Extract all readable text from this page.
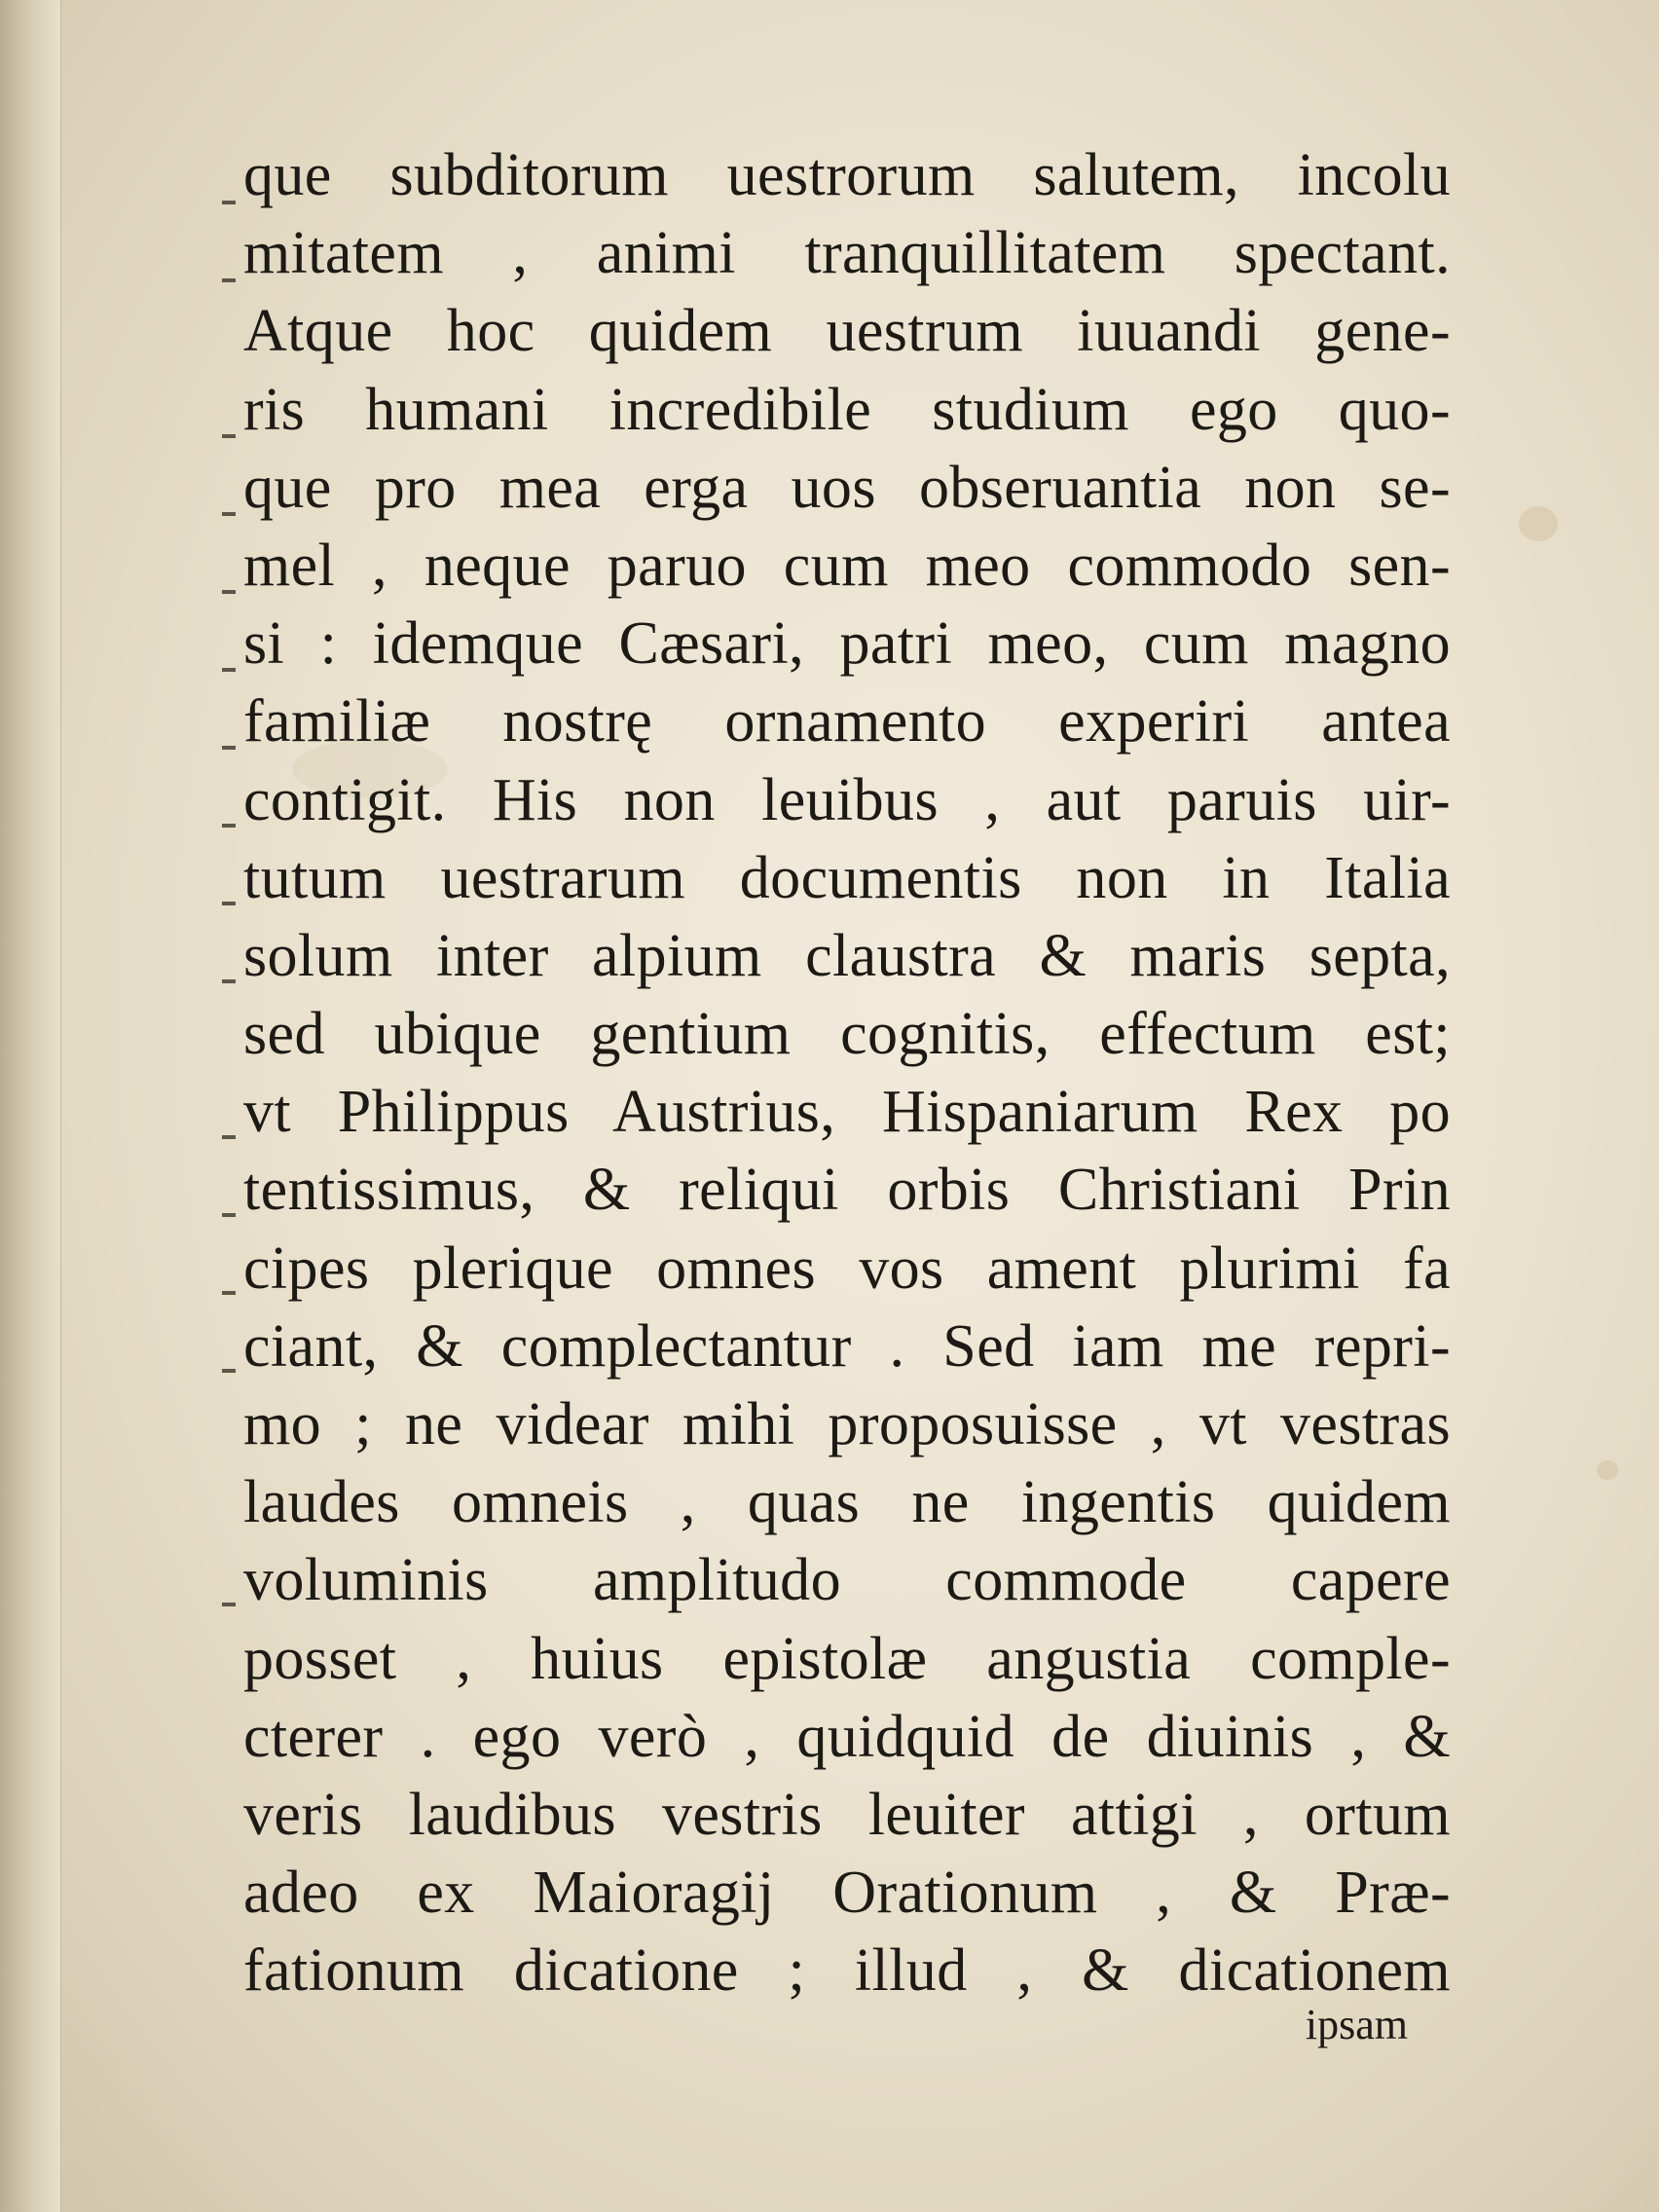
que subditorum uestrorum salutem, incolu
mitatem , animi tranquillitatem spectant.
Atque hoc quidem uestrum iuuandi gene-
ris humani incredibile studium ego quo-
que pro mea erga uos obseruantia non se-
mel , neque paruo cum meo commodo sen-
si : idemque Cæsari, patri meo, cum magno
familiæ nostrę ornamento experiri antea
contigit. His non leuibus , aut paruis uir-
tutum uestrarum documentis non in Italia
solum inter alpium claustra & maris septa,
sed ubique gentium cognitis, effectum est;
vt Philippus Austrius, Hispaniarum Rex po
tentissimus, & reliqui orbis Christiani Prin
cipes plerique omnes vos ament plurimi fa
ciant, & complectantur . Sed iam me repri-
mo ; ne videar mihi proposuisse , vt vestras
laudes omneis , quas ne ingentis quidem
voluminis amplitudo commode capere
posset , huius epistolæ angustia comple-
cterer . ego verò , quidquid de diuinis , &
veris laudibus vestris leuiter attigi , ortum
adeo ex Maioragij Orationum , & Præ-
fationum dicatione ; illud , & dicationem
ipsam
